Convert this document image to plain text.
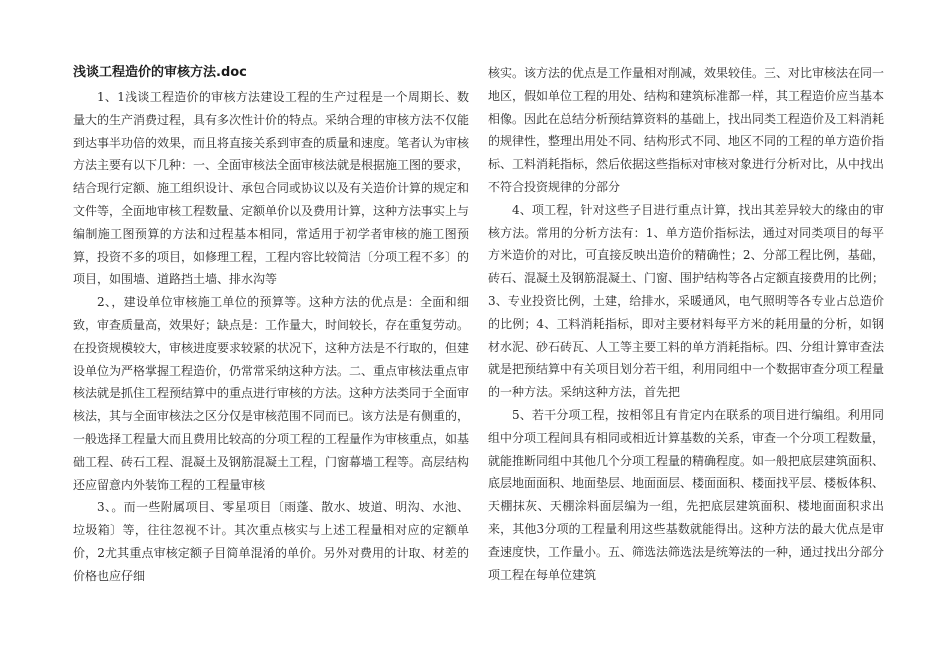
浅谈工程造价的审核方法.doc

1、1浅谈工程造价的审核方法建设工程的生产过程是一个周期长、数量大的生产消费过程，具有多次性计价的特点。采纳合理的审核方法不仅能到达事半功倍的效果，而且将直接关系到审查的质量和速度。笔者认为审核方法主要有以下几种：一、全面审核法全面审核法就是根据施工图的要求，结合现行定额、施工组织设计、承包合同或协议以及有关造价计算的规定和文件等，全面地审核工程数量、定额单价以及费用计算，这种方法事实上与编制施工图预算的方法和过程基本相同，常适用于初学者审核的施工图预算，投资不多的项目，如修理工程，工程内容比较简洁〔分项工程不多〕的项目，如围墙、道路挡土墙、排水沟等

2、，建设单位审核施工单位的预算等。这种方法的优点是：全面和细致，审查质量高，效果好；缺点是：工作量大，时间较长，存在重复劳动。在投资规模较大，审核进度要求较紧的状况下，这种方法是不行取的，但建设单位为严格掌握工程造价，仍常常采纳这种方法。二、重点审核法重点审核法就是抓住工程预结算中的重点进行审核的方法。这种方法类同于全面审核法，其与全面审核法之区分仅是审核范围不同而已。该方法是有侧重的，一般选择工程量大而且费用比较高的分项工程的工程量作为审核重点，如基础工程、砖石工程、混凝土及钢筋混凝土工程，门窗幕墙工程等。高层结构还应留意内外装饰工程的工程量审核

3、。而一些附属项目、零星项目〔雨蓬、散水、坡道、明沟、水池、垃圾箱〕等，往往忽视不计。其次重点核实与上述工程量相对应的定额单价，2尤其重点审核定额子目简单混淆的单价。另外对费用的计取、材差的价格也应仔细

核实。该方法的优点是工作量相对削减，效果较佳。三、对比审核法在同一地区，假如单位工程的用处、结构和建筑标准都一样，其工程造价应当基本相像。因此在总结分析预结算资料的基础上，找出同类工程造价及工料消耗的规律性，整理出用处不同、结构形式不同、地区不同的工程的单方造价指标、工料消耗指标，然后依据这些指标对审核对象进行分析对比，从中找出不符合投资规律的分部分

4、项工程，针对这些子目进行重点计算，找出其差异较大的缘由的审核方法。常用的分析方法有：1、单方造价指标法，通过对同类项目的每平方米造价的对比，可直接反映出造价的精确性；2、分部工程比例，基础，砖石、混凝土及钢筋混凝土、门窗、围护结构等各占定额直接费用的比例；3、专业投资比例，土建，给排水，采暖通风，电气照明等各专业占总造价的比例；4、工料消耗指标，即对主要材料每平方米的耗用量的分析，如钢材水泥、砂石砖瓦、人工等主要工料的单方消耗指标。四、分组计算审查法就是把预结算中有关项目划分若干组，利用同组中一个数据审查分项工程量的一种方法。采纳这种方法，首先把

5、若干分项工程，按相邻且有肯定内在联系的项目进行编组。利用同组中分项工程间具有相同或相近计算基数的关系，审查一个分项工程数量，就能推断同组中其他几个分项工程量的精确程度。如一般把底层建筑面积、底层地面面积、地面垫层、地面面层、楼面面积、楼面找平层、楼板体积、天棚抹灰、天棚涂料面层编为一组，先把底层建筑面积、楼地面面积求出来，其他3分项的工程量利用这些基数就能得出。这种方法的最大优点是审查速度快，工作量小。五、筛选法筛选法是统筹法的一种，通过找出分部分项工程在每单位建筑
